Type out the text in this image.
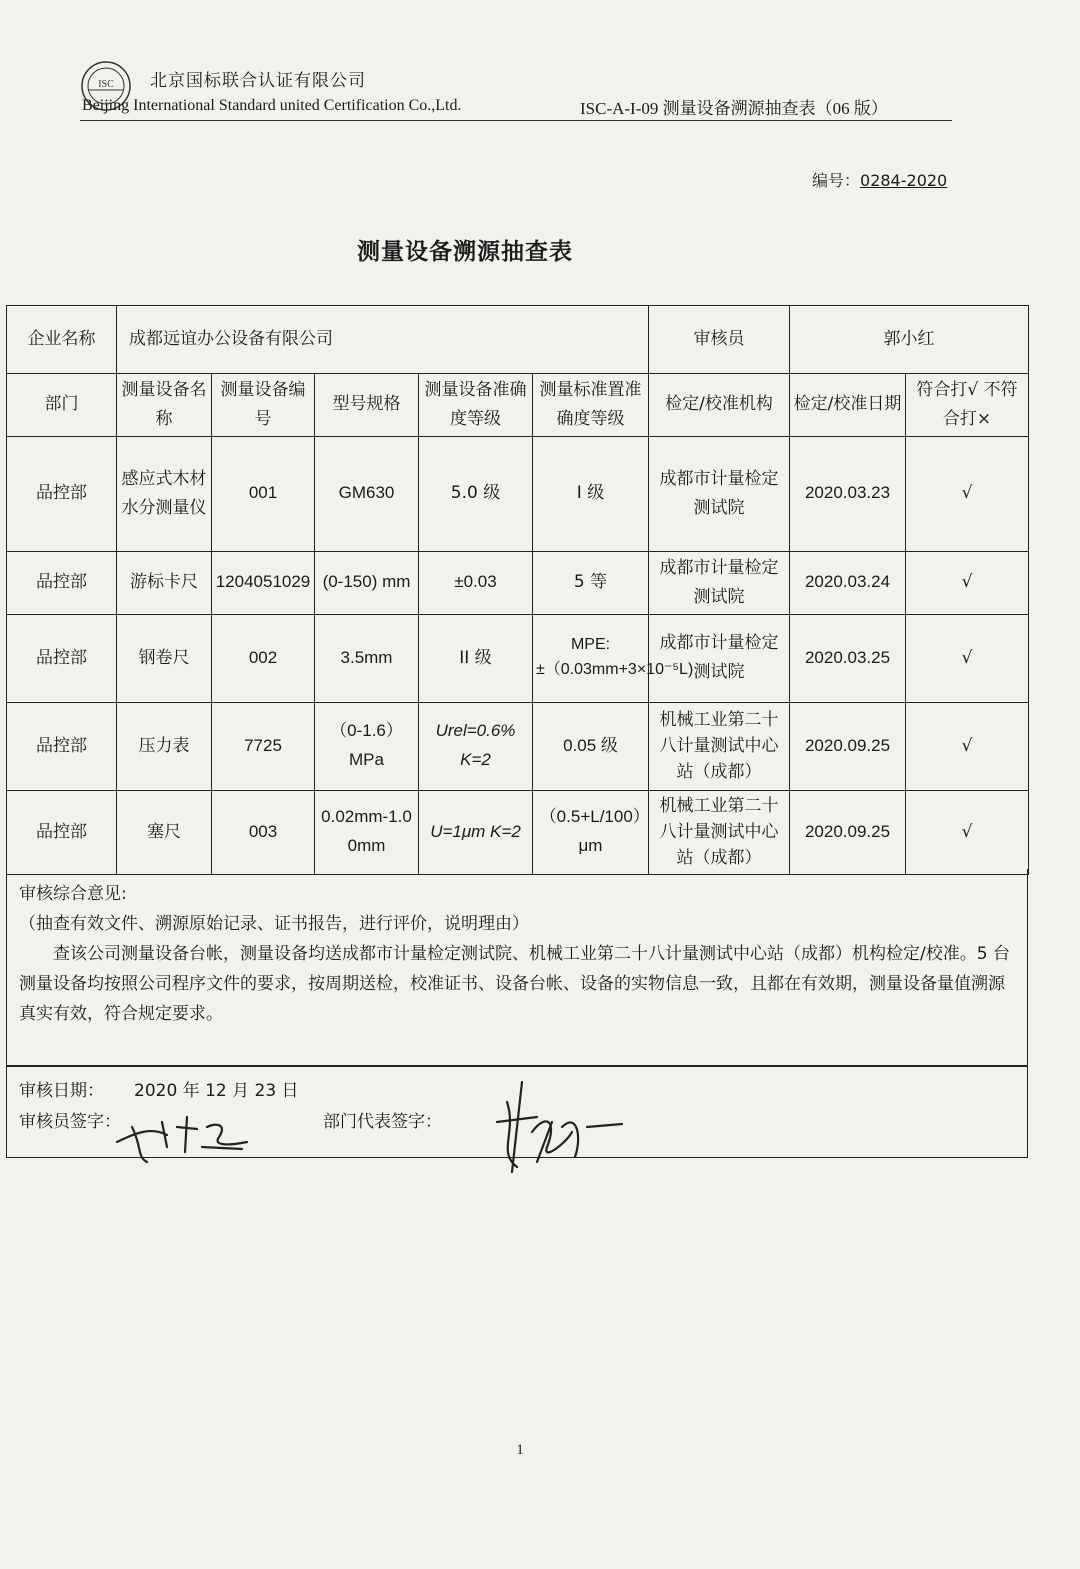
ISC 北京国标联合认证有限公司
Beijing International Standard united Certification Co.,Ltd.	ISC-A-I-09 测量设备溯源抽查表（06 版）
编号：0284-2020
测量设备溯源抽查表
企业名称	成都远谊办公设备有限公司					审核员	郭小红	
部门	测量设备名称	测量设备编号	型号规格	测量设备准确度等级	测量标准置准确度等级	检定/校准机构	检定/校准日期	符合打√ 不符合打×
品控部	感应式木材水分测量仪	001	GM630	5.0 级	I 级	成都市计量检定测试院	2020.03.23	√
品控部	游标卡尺	1204051029	(0-150) mm	±0.03	5 等	成都市计量检定测试院	2020.03.24	√
品控部	钢卷尺	002	3.5mm	II 级	MPE:±（0.03mm+3×10⁻⁵L)	成都市计量检定测试院	2020.03.25	√
品控部	压力表	7725	（0-1.6）MPa	Urel=0.6% K=2	0.05 级	机械工业第二十八计量测试中心站（成都）	2020.09.25	√
品控部	塞尺	003	0.02mm-1.00mm	U=1μm K=2	（0.5+L/100）μm	机械工业第二十八计量测试中心站（成都）	2020.09.25	√
审核综合意见:
（抽查有效文件、溯源原始记录、证书报告，进行评价，说明理由）
查该公司测量设备台帐，测量设备均送成都市计量检定测试院、机械工业第二十八计量测试中心站（成都）机构检定/校准。5 台测量设备均按照公司程序文件的要求，按周期送检，校准证书、设备台帐、设备的实物信息一致，且都在有效期，测量设备量值溯源真实有效，符合规定要求。
审核日期： 2020 年 12 月 23 日
审核员签字：	部门代表签字：
1
